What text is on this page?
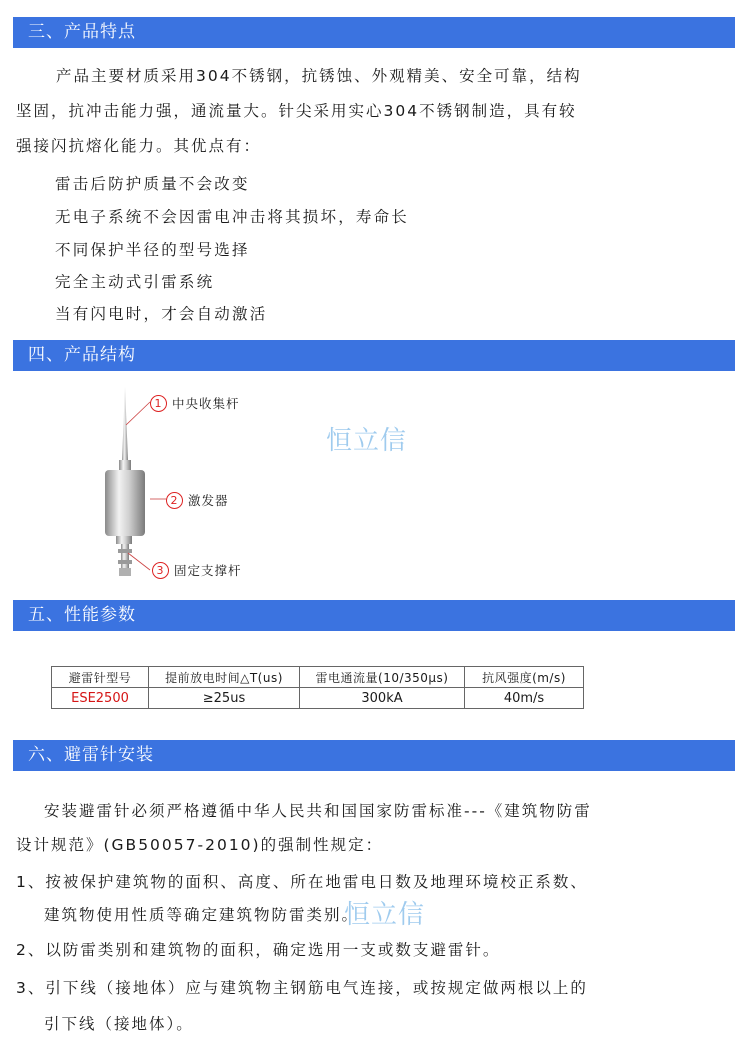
三、产品特点
产品主要材质采用304不锈钢，抗锈蚀、外观精美、安全可靠，结构
坚固，抗冲击能力强，通流量大。针尖采用实心304不锈钢制造，具有较
强接闪抗熔化能力。其优点有：
雷击后防护质量不会改变
无电子系统不会因雷电冲击将其损坏，寿命长
不同保护半径的型号选择
完全主动式引雷系统
当有闪电时，才会自动激活
四、产品结构
1 中央收集杆
2 激发器
3 固定支撑杆
恒立信
五、性能参数
避雷针型号	提前放电时间△T(us)	雷电通流量(10/350μs)	抗风强度(m/s)
ESE2500	≥25us	300kA	40m/s
六、避雷针安装
安装避雷针必须严格遵循中华人民共和国国家防雷标准---《建筑物防雷
设计规范》(GB50057-2010)的强制性规定：
1、按被保护建筑物的面积、高度、所在地雷电日数及地理环境校正系数、
建筑物使用性质等确定建筑物防雷类别。
恒立信
2、以防雷类别和建筑物的面积，确定选用一支或数支避雷针。
3、引下线（接地体）应与建筑物主钢筋电气连接，或按规定做两根以上的
引下线（接地体）。
